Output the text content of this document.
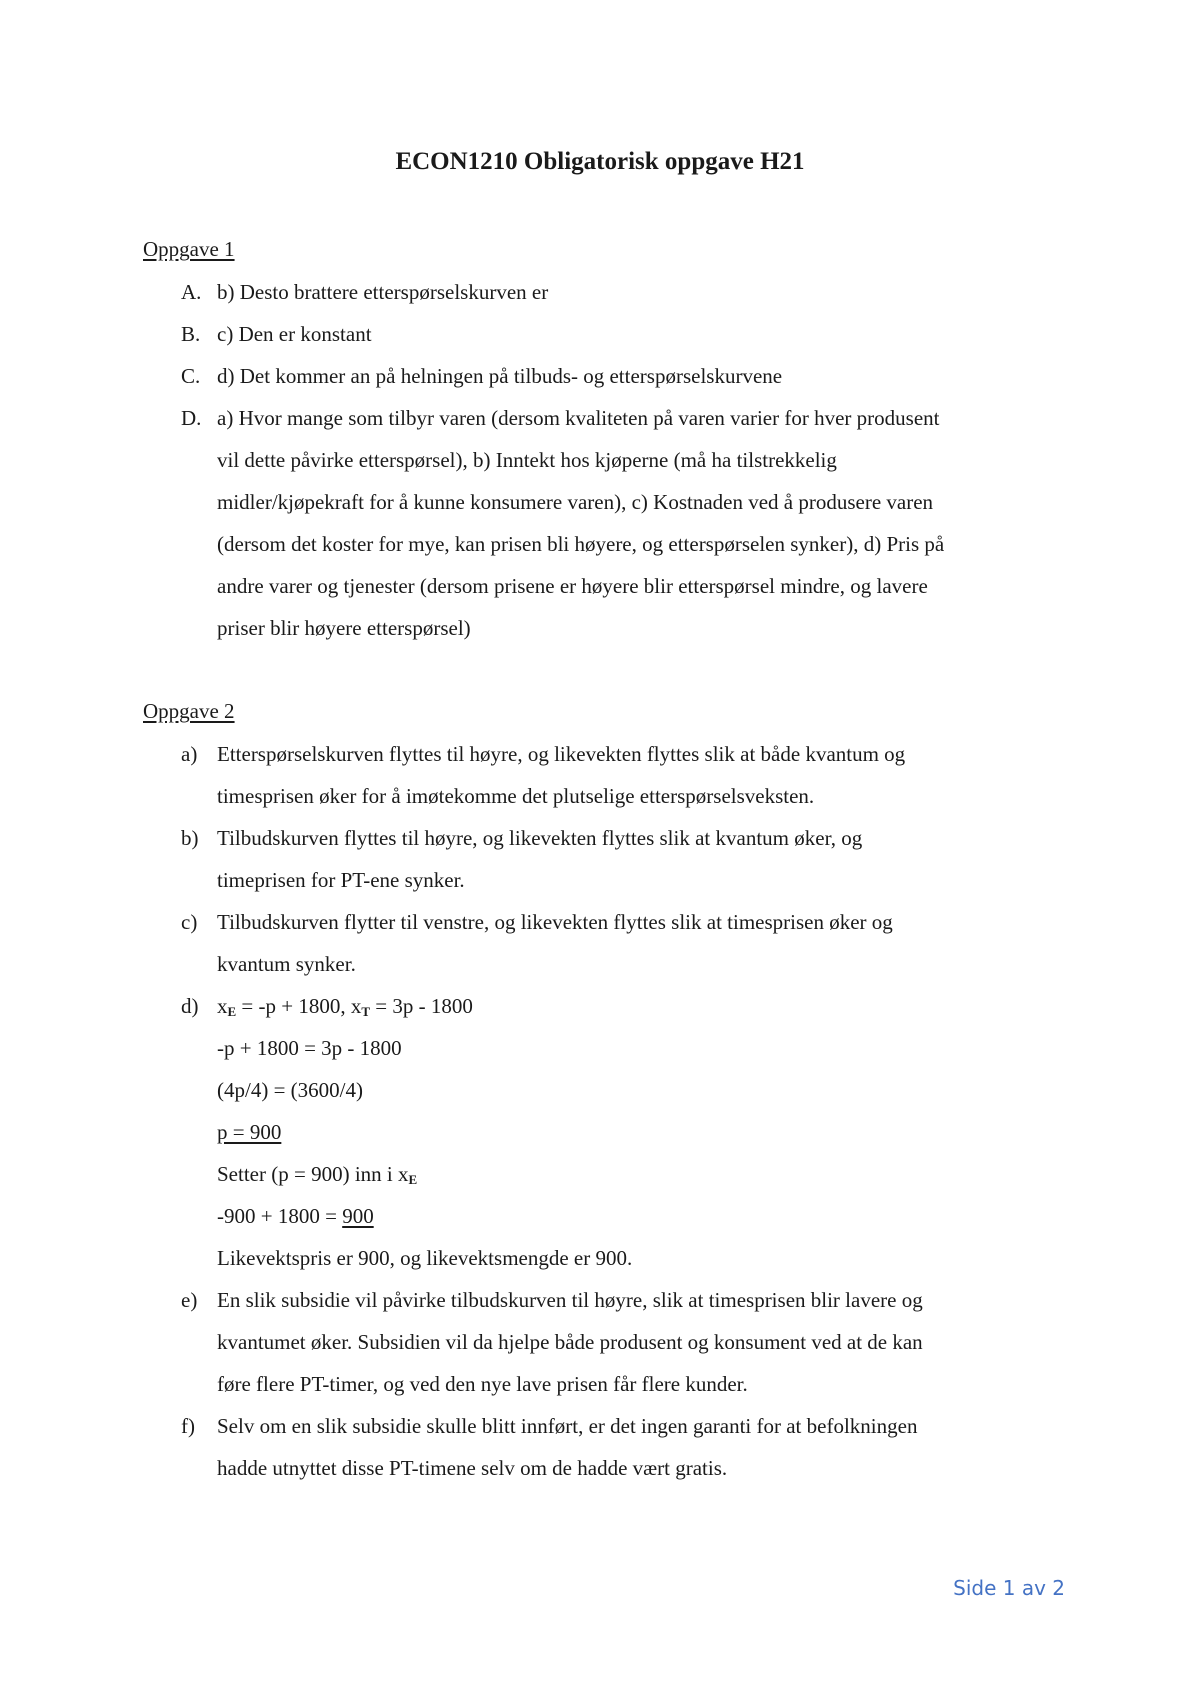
ECON1210 Obligatorisk oppgave H21
Oppgave 1
A. b) Desto brattere etterspørselskurven er
B. c) Den er konstant
C. d) Det kommer an på helningen på tilbuds- og etterspørselskurvene
D. a) Hvor mange som tilbyr varen (dersom kvaliteten på varen varier for hver produsent
vil dette påvirke etterspørsel), b) Inntekt hos kjøperne (må ha tilstrekkelig
midler/kjøpekraft for å kunne konsumere varen), c) Kostnaden ved å produsere varen
(dersom det koster for mye, kan prisen bli høyere, og etterspørselen synker), d) Pris på
andre varer og tjenester (dersom prisene er høyere blir etterspørsel mindre, og lavere
priser blir høyere etterspørsel)
Oppgave 2
a) Etterspørselskurven flyttes til høyre, og likevekten flyttes slik at både kvantum og
timesprisen øker for å imøtekomme det plutselige etterspørselsveksten.
b) Tilbudskurven flyttes til høyre, og likevekten flyttes slik at kvantum øker, og
timeprisen for PT-ene synker.
c) Tilbudskurven flytter til venstre, og likevekten flyttes slik at timesprisen øker og
kvantum synker.
d) $x_E = -p + 1800$, $x_T = 3p - 1800$
-p + 1800 = 3p - 1800
(4p/4) = (3600/4)
p = 900
Setter (p = 900) inn i $x_E$
-900 + 1800 = 900
Likevektspris er 900, og likevektsmengde er 900.
e) En slik subsidie vil påvirke tilbudskurven til høyre, slik at timesprisen blir lavere og
kvantumet øker. Subsidien vil da hjelpe både produsent og konsument ved at de kan
føre flere PT-timer, og ved den nye lave prisen får flere kunder.
f) Selv om en slik subsidie skulle blitt innført, er det ingen garanti for at befolkningen
hadde utnyttet disse PT-timene selv om de hadde vært gratis.
Side 1 av 2
